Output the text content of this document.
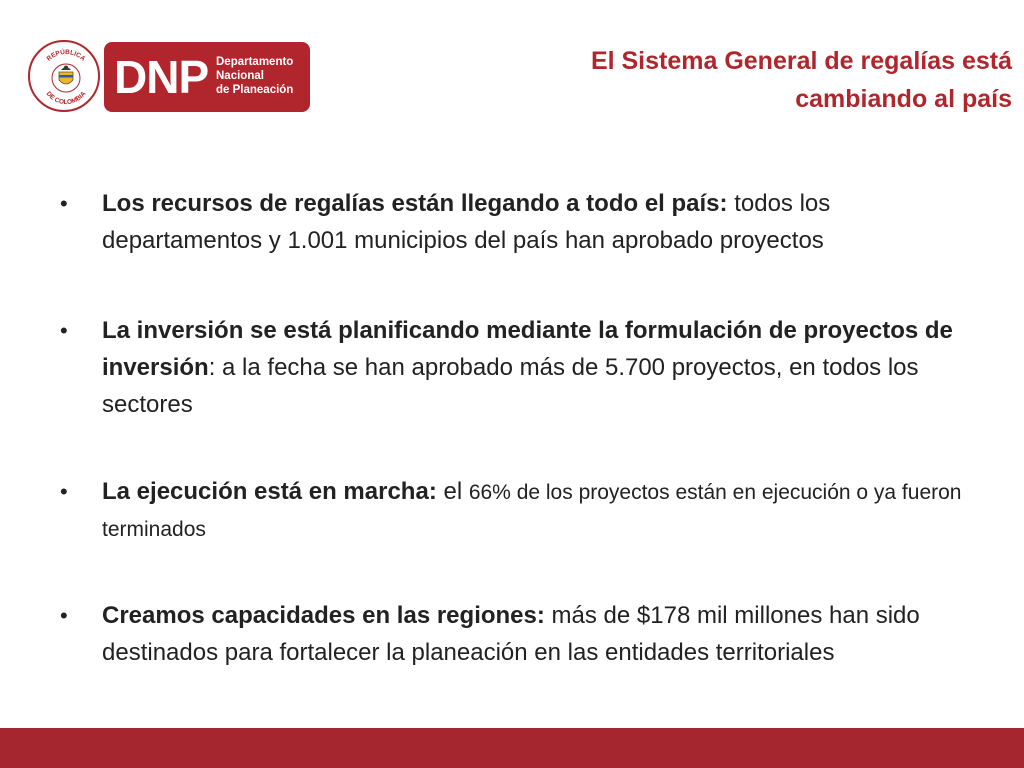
REPÚBLICA
DE COLOMBIA DNP Departamento
Nacional
de Planeación
El Sistema General de regalías está
cambiando al país
• Los recursos de regalías están llegando a todo el país: todos los departamentos y 1.001 municipios del país han aprobado proyectos
• La inversión se está planificando mediante la formulación de proyectos de inversión: a la fecha se han aprobado más de 5.700 proyectos, en todos los sectores
• La ejecución está en marcha: el 66% de los proyectos están en ejecución o ya fueron terminados
• Creamos capacidades en las regiones: más de $178 mil millones han sido destinados para fortalecer la planeación en las entidades territoriales
